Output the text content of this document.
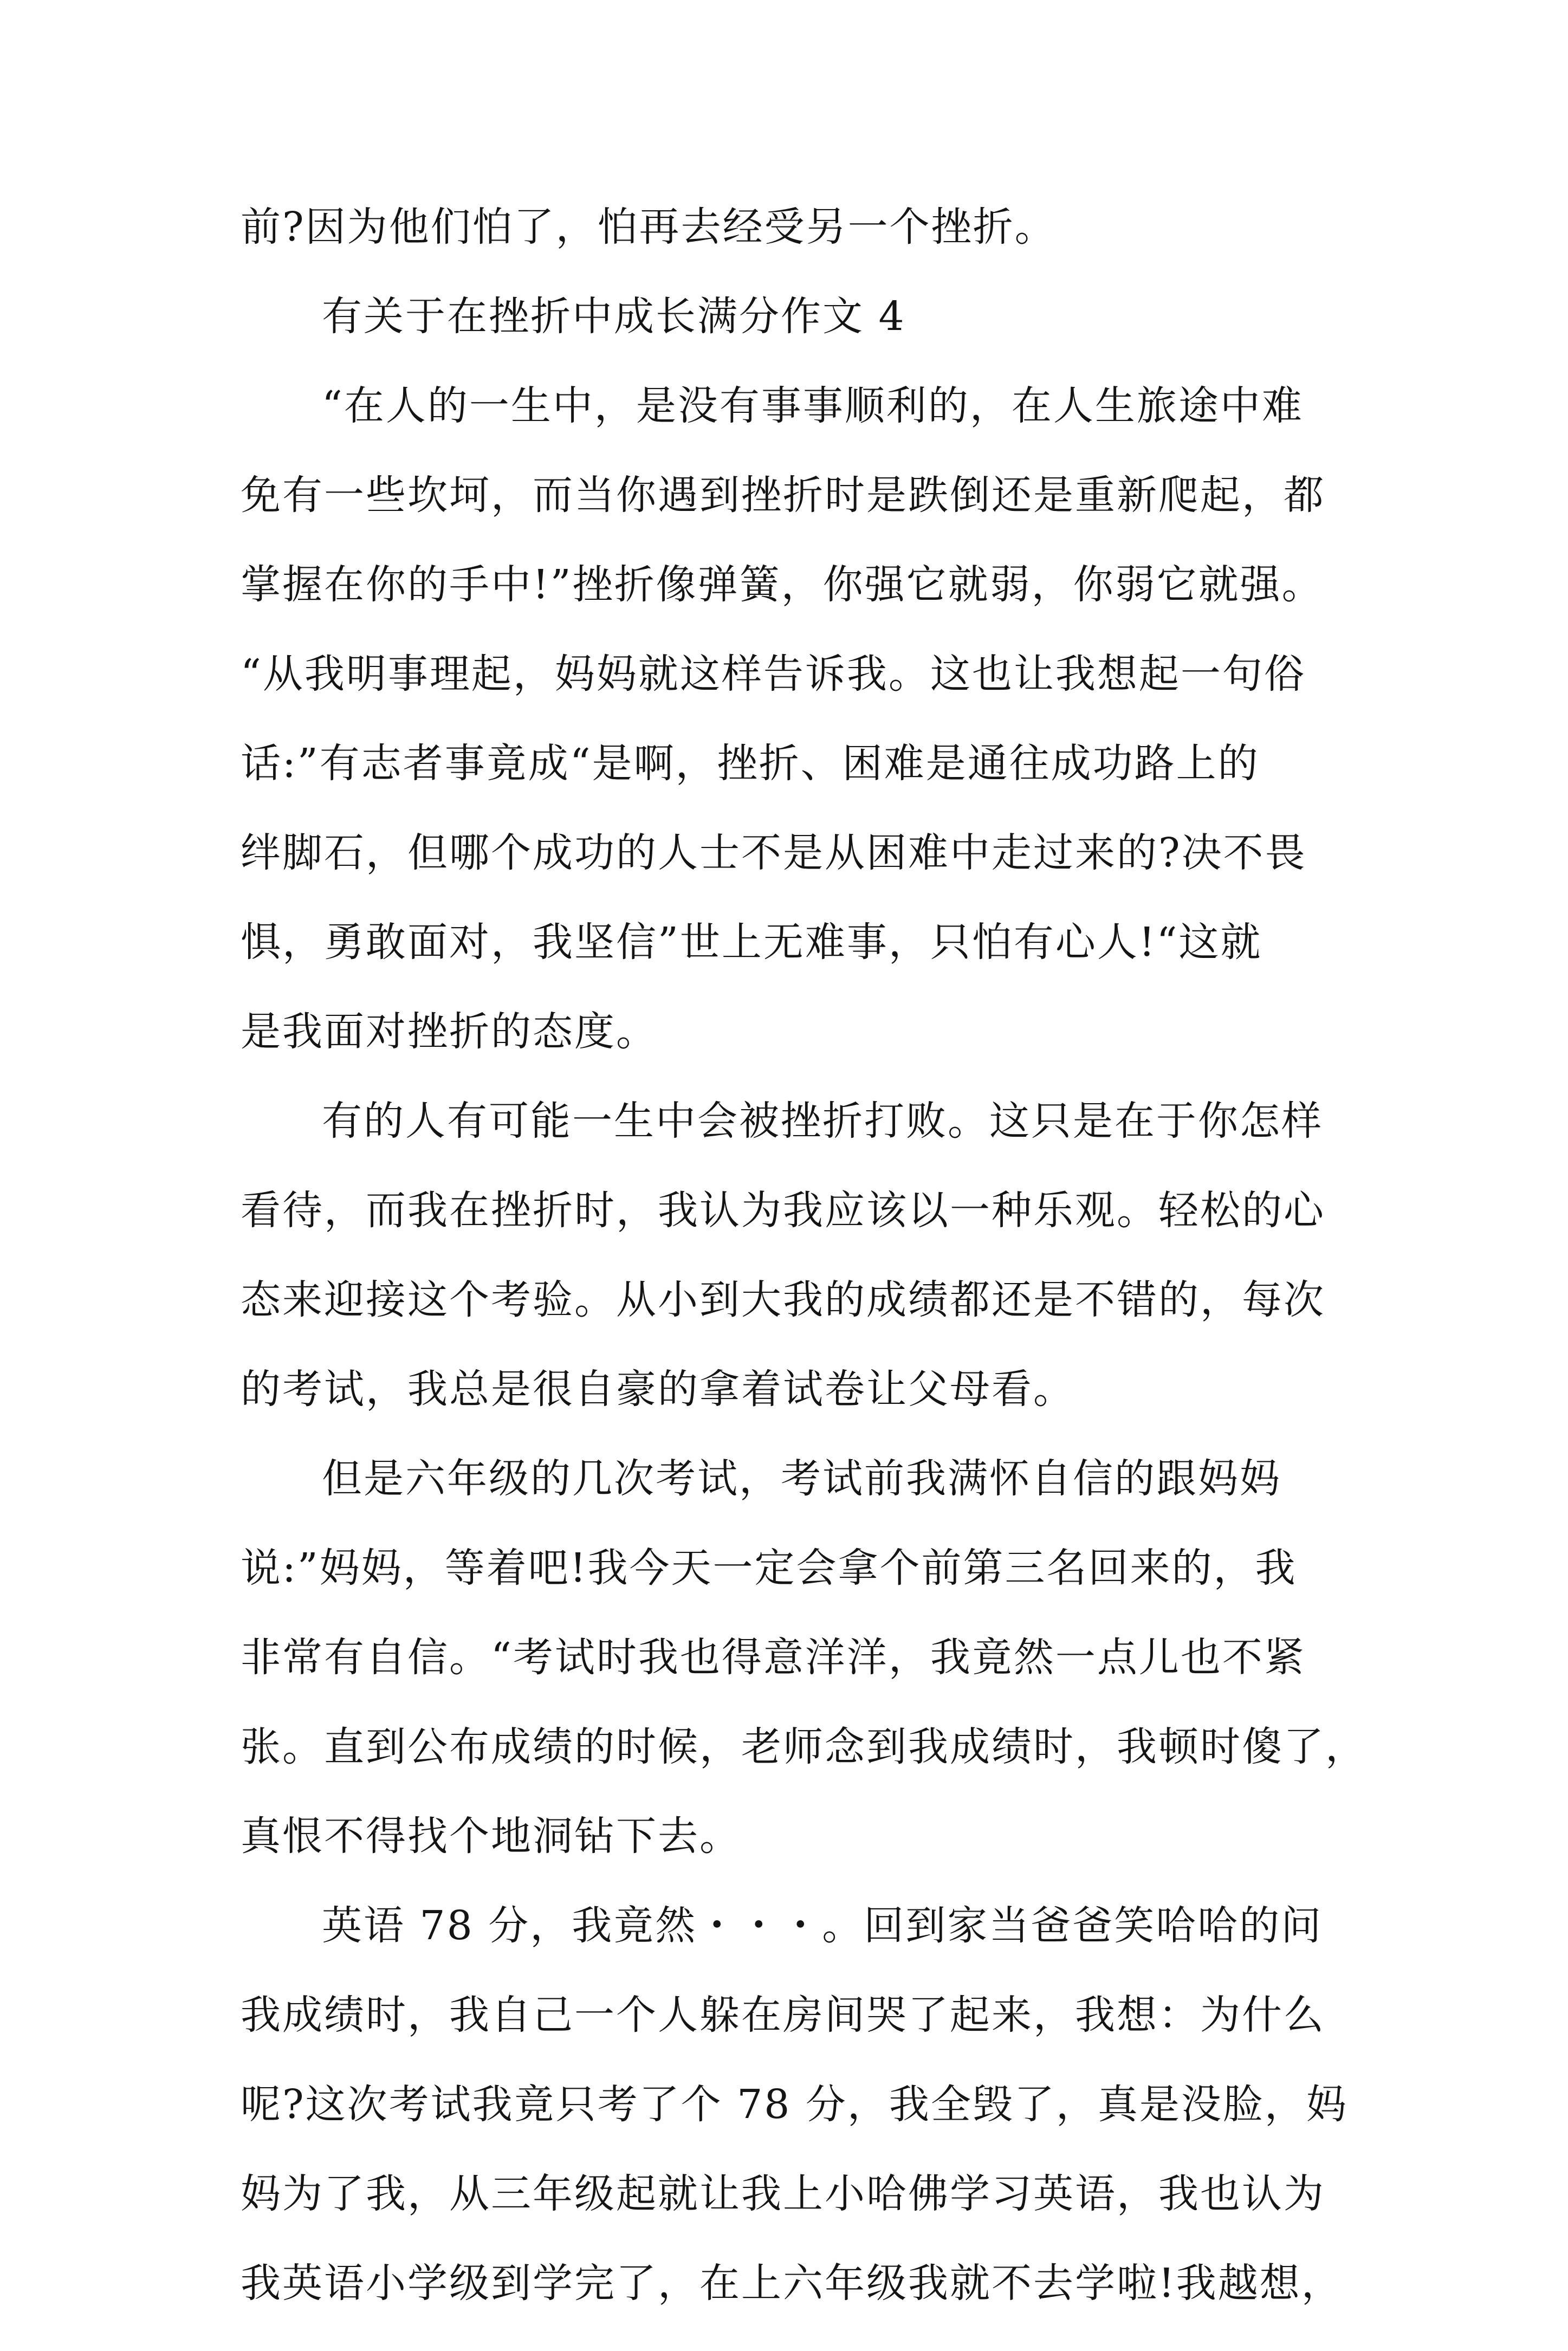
前?因为他们怕了，怕再去经受另一个挫折。
有关于在挫折中成长满分作文 4
“在人的一生中，是没有事事顺利的，在人生旅途中难
免有一些坎坷，而当你遇到挫折时是跌倒还是重新爬起，都
掌握在你的手中!”挫折像弹簧，你强它就弱，你弱它就强。
“从我明事理起，妈妈就这样告诉我。这也让我想起一句俗
话:”有志者事竟成“是啊，挫折、困难是通往成功路上的
绊脚石，但哪个成功的人士不是从困难中走过来的?决不畏
惧，勇敢面对，我坚信”世上无难事，只怕有心人!“这就
是我面对挫折的态度。
有的人有可能一生中会被挫折打败。这只是在于你怎样
看待，而我在挫折时，我认为我应该以一种乐观。轻松的心
态来迎接这个考验。从小到大我的成绩都还是不错的，每次
的考试，我总是很自豪的拿着试卷让父母看。
但是六年级的几次考试，考试前我满怀自信的跟妈妈
说:”妈妈，等着吧!我今天一定会拿个前第三名回来的，我
非常有自信。“考试时我也得意洋洋，我竟然一点儿也不紧
张。直到公布成绩的时候，老师念到我成绩时，我顿时傻了，
真恨不得找个地洞钻下去。
英语 78 分，我竟然・・・。回到家当爸爸笑哈哈的问
我成绩时，我自己一个人躲在房间哭了起来，我想：为什么
呢?这次考试我竟只考了个 78 分，我全毁了，真是没脸，妈
妈为了我，从三年级起就让我上小哈佛学习英语，我也认为
我英语小学级到学完了，在上六年级我就不去学啦!我越想，
